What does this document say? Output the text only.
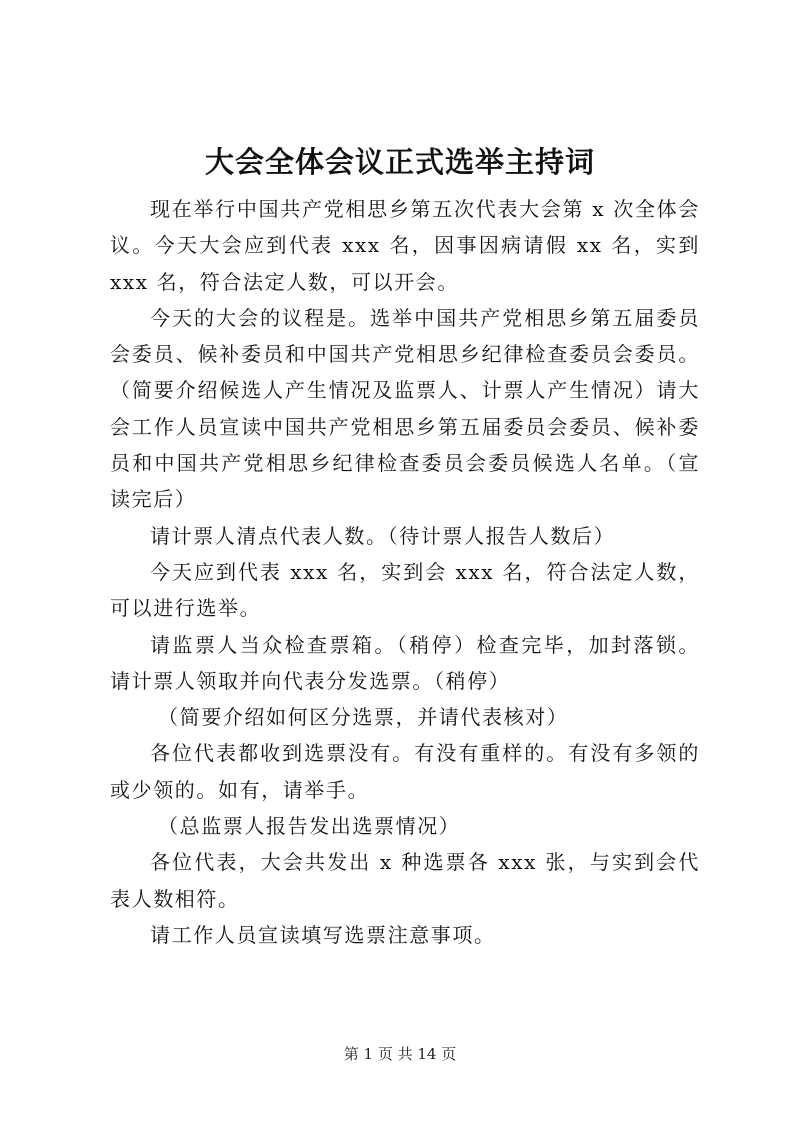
大会全体会议正式选举主持词

现在举行中国共产党相思乡第五次代表大会第 x 次全体会议。今天大会应到代表 xxx 名，因事因病请假 xx 名，实到 xxx 名，符合法定人数，可以开会。

今天的大会的议程是。选举中国共产党相思乡第五届委员会委员、候补委员和中国共产党相思乡纪律检查委员会委员。（简要介绍候选人产生情况及监票人、计票人产生情况）请大会工作人员宣读中国共产党相思乡第五届委员会委员、候补委员和中国共产党相思乡纪律检查委员会委员候选人名单。（宣读完后）

请计票人清点代表人数。（待计票人报告人数后）

今天应到代表 xxx 名，实到会 xxx 名，符合法定人数，可以进行选举。

请监票人当众检查票箱。（稍停）检查完毕，加封落锁。请计票人领取并向代表分发选票。（稍停）

（简要介绍如何区分选票，并请代表核对）

各位代表都收到选票没有。有没有重样的。有没有多领的或少领的。如有，请举手。

（总监票人报告发出选票情况）

各位代表，大会共发出 x 种选票各 xxx 张，与实到会代表人数相符。

请工作人员宣读填写选票注意事项。

第 1 页 共 14 页
